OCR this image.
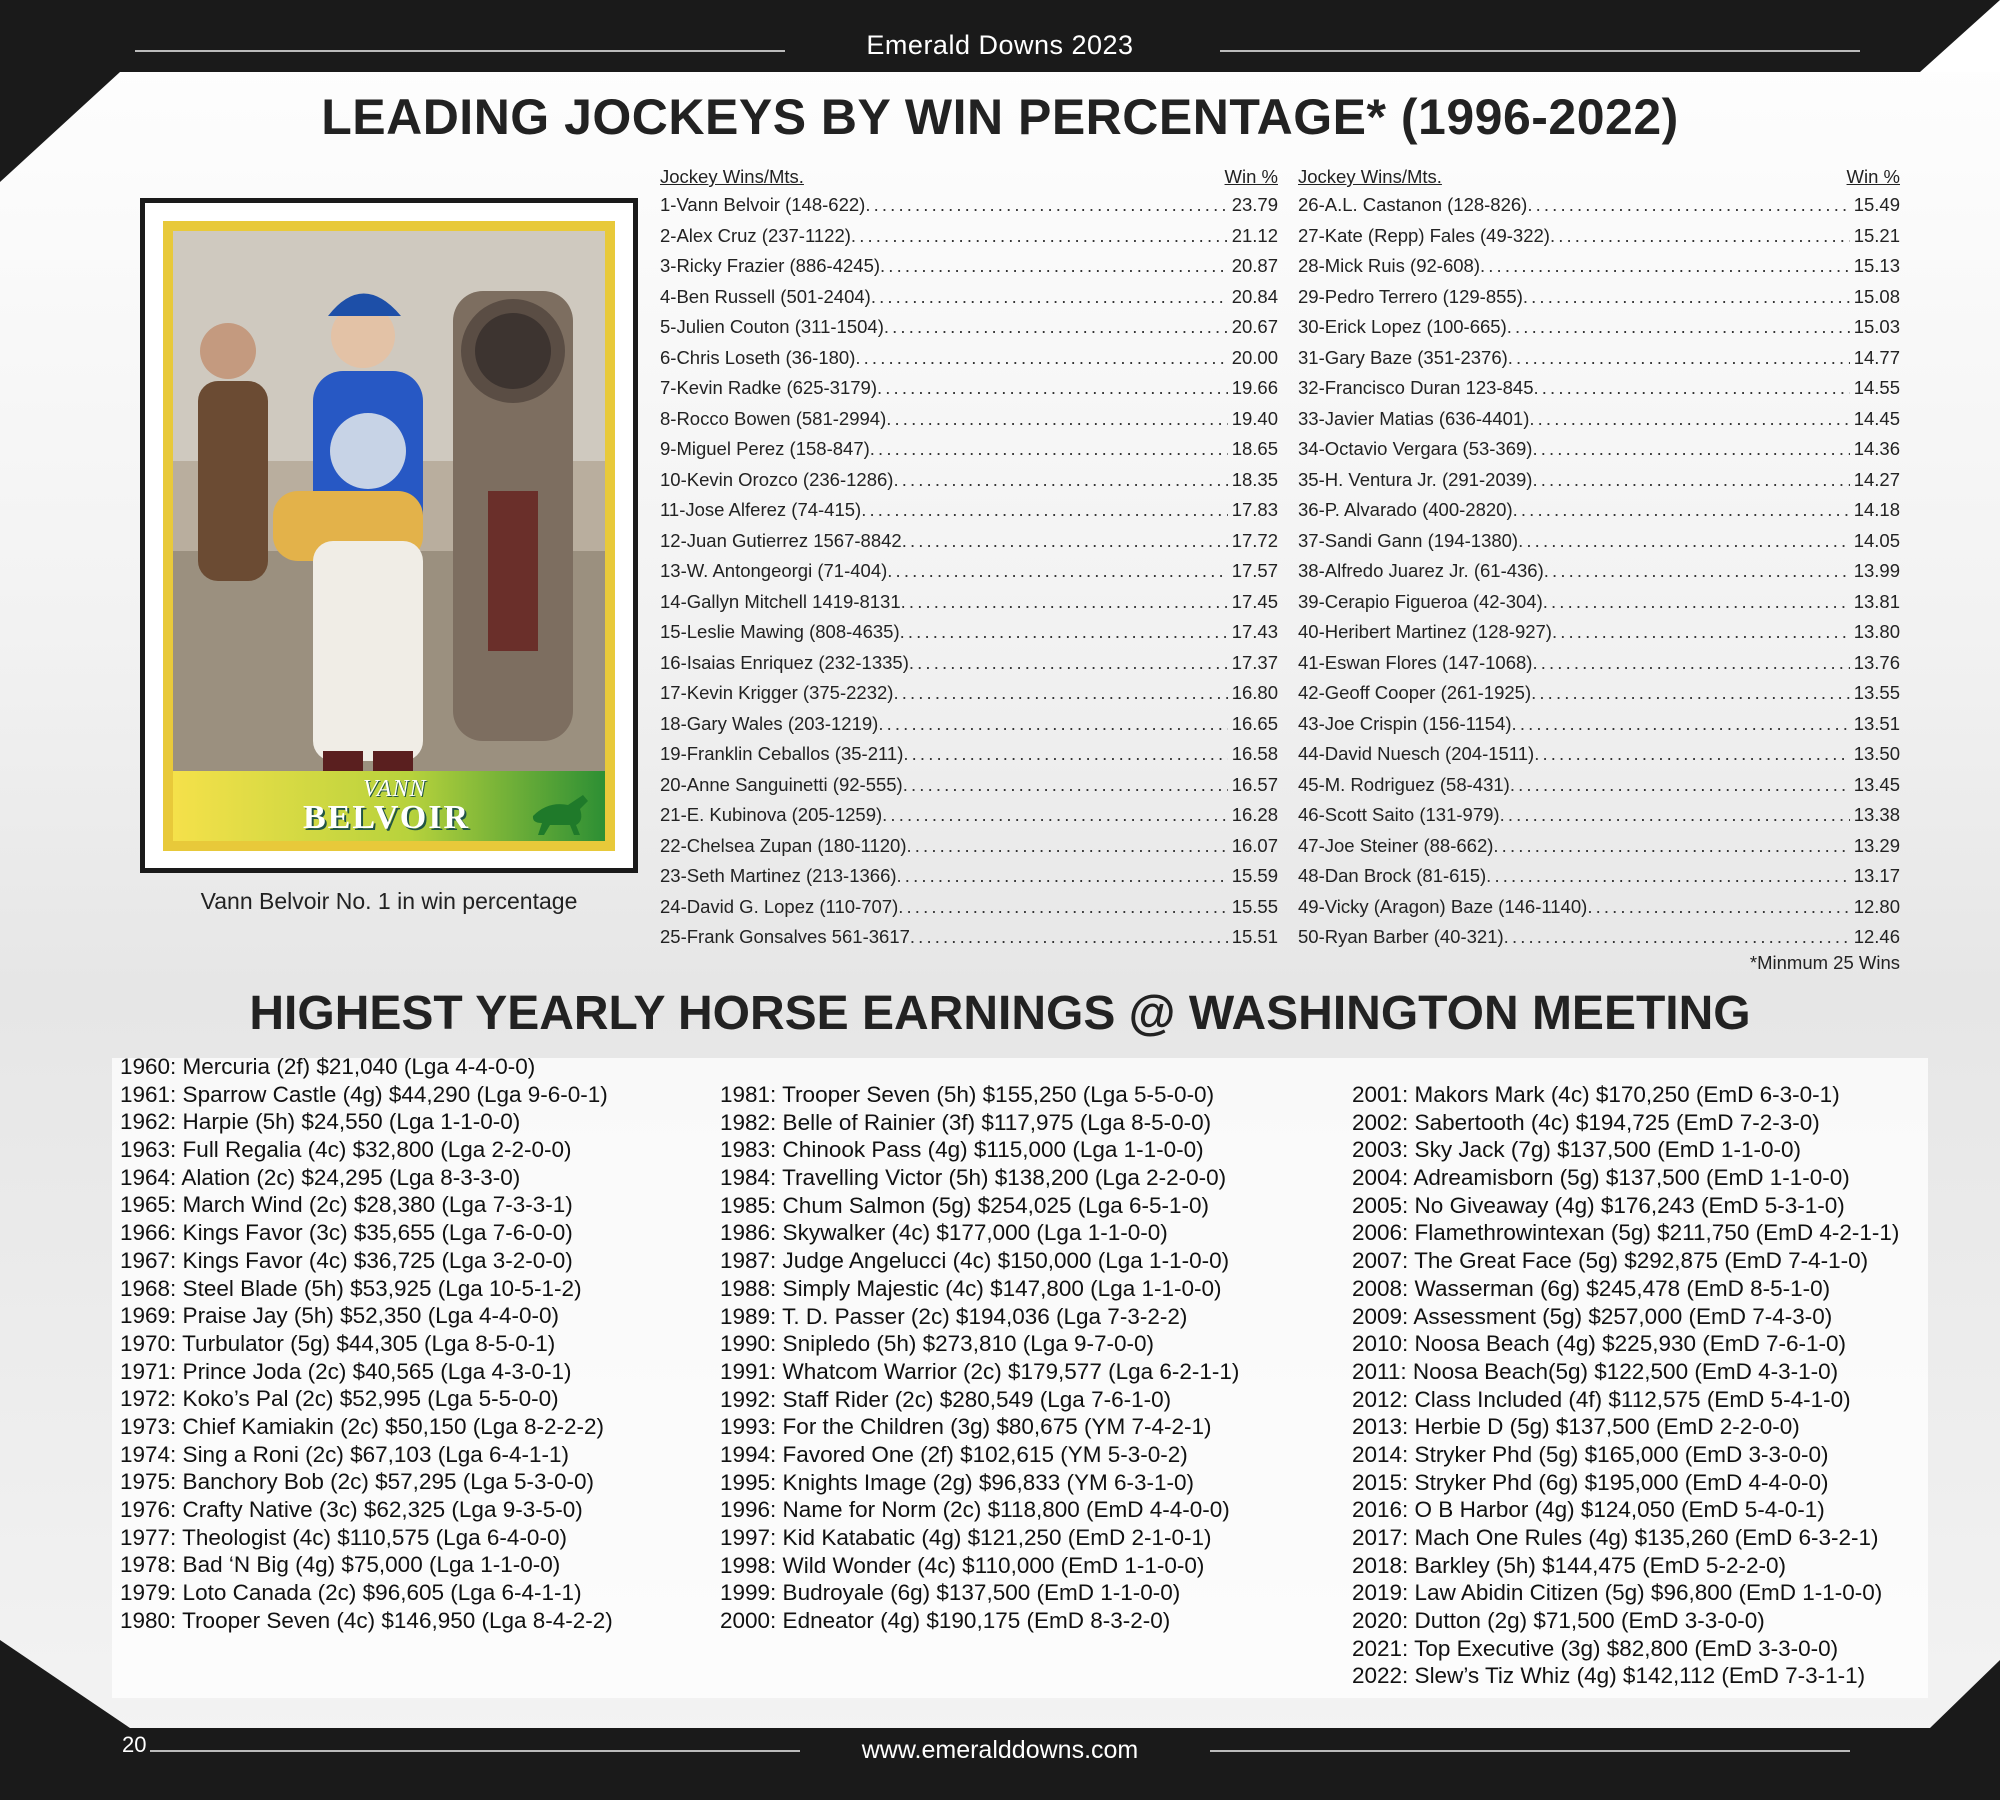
Emerald Downs 2023
LEADING JOCKEYS BY WIN PERCENTAGE* (1996-2022)
VANN
BELVOIR
Vann Belvoir No. 1 in win percentage
Jockey Wins/Mts.	Win %
1-Vann Belvoir (148-622) . . .	23.79
2-Alex Cruz (237-1122) . . .	21.12
3-Ricky Frazier (886-4245) . . .	20.87
4-Ben Russell (501-2404) . . .	20.84
5-Julien Couton (311-1504) . . .	20.67
6-Chris Loseth (36-180) . . .	20.00
7-Kevin Radke (625-3179) . . .	19.66
8-Rocco Bowen (581-2994) . . .	19.40
9-Miguel Perez (158-847) . . .	18.65
10-Kevin Orozco (236-1286) . . .	18.35
11-Jose Alferez (74-415) . . .	17.83
12-Juan Gutierrez 1567-8842 . . .	17.72
13-W. Antongeorgi (71-404) . . .	17.57
14-Gallyn Mitchell 1419-8131 . . .	17.45
15-Leslie Mawing (808-4635) . . .	17.43
16-Isaias Enriquez (232-1335) . . .	17.37
17-Kevin Krigger (375-2232) . . .	16.80
18-Gary Wales (203-1219) . . .	16.65
19-Franklin Ceballos (35-211) . . .	16.58
20-Anne Sanguinetti (92-555) . . .	16.57
21-E. Kubinova (205-1259) . . .	16.28
22-Chelsea Zupan (180-1120) . . .	16.07
23-Seth Martinez (213-1366) . . .	15.59
24-David G. Lopez (110-707) . . .	15.55
25-Frank Gonsalves 561-3617 . . .	15.51
Jockey Wins/Mts.	Win %
26-A.L. Castanon (128-826) . . .	15.49
27-Kate (Repp) Fales (49-322) . . .	15.21
28-Mick Ruis (92-608) . . .	15.13
29-Pedro Terrero (129-855) . . .	15.08
30-Erick Lopez (100-665) . . .	15.03
31-Gary Baze (351-2376) . . .	14.77
32-Francisco Duran 123-845 . . .	14.55
33-Javier Matias (636-4401) . . .	14.45
34-Octavio Vergara (53-369) . . .	14.36
35-H. Ventura Jr. (291-2039) . . .	14.27
36-P. Alvarado (400-2820) . . .	14.18
37-Sandi Gann (194-1380) . . .	14.05
38-Alfredo Juarez Jr. (61-436) . . .	13.99
39-Cerapio Figueroa (42-304) . . .	13.81
40-Heribert Martinez (128-927) . . .	13.80
41-Eswan Flores (147-1068) . . .	13.76
42-Geoff Cooper (261-1925) . . .	13.55
43-Joe Crispin (156-1154) . . .	13.51
44-David Nuesch (204-1511) . . .	13.50
45-M. Rodriguez (58-431) . . .	13.45
46-Scott Saito (131-979) . . .	13.38
47-Joe Steiner (88-662) . . .	13.29
48-Dan Brock (81-615) . . .	13.17
49-Vicky (Aragon) Baze (146-1140) . . .	12.80
50-Ryan Barber (40-321) . . .	12.46
*Minmum 25 Wins
HIGHEST YEARLY HORSE EARNINGS @ WASHINGTON MEETING
1960: Mercuria (2f) $21,040 (Lga 4-4-0-0)
1961: Sparrow Castle (4g) $44,290 (Lga 9-6-0-1)
1962: Harpie (5h) $24,550 (Lga 1-1-0-0)
1963: Full Regalia (4c) $32,800 (Lga 2-2-0-0)
1964: Alation (2c) $24,295 (Lga 8-3-3-0)
1965: March Wind (2c) $28,380 (Lga 7-3-3-1)
1966: Kings Favor (3c) $35,655 (Lga 7-6-0-0)
1967: Kings Favor (4c) $36,725 (Lga 3-2-0-0)
1968: Steel Blade (5h) $53,925 (Lga 10-5-1-2)
1969: Praise Jay (5h) $52,350 (Lga 4-4-0-0)
1970: Turbulator (5g) $44,305 (Lga 8-5-0-1)
1971: Prince Joda (2c) $40,565 (Lga 4-3-0-1)
1972: Koko’s Pal (2c) $52,995 (Lga 5-5-0-0)
1973: Chief Kamiakin (2c) $50,150 (Lga 8-2-2-2)
1974: Sing a Roni (2c) $67,103 (Lga 6-4-1-1)
1975: Banchory Bob (2c) $57,295 (Lga 5-3-0-0)
1976: Crafty Native (3c) $62,325 (Lga 9-3-5-0)
1977: Theologist (4c) $110,575 (Lga 6-4-0-0)
1978: Bad ‘N Big (4g) $75,000 (Lga 1-1-0-0)
1979: Loto Canada (2c) $96,605 (Lga 6-4-1-1)
1980: Trooper Seven (4c) $146,950 (Lga 8-4-2-2)
1981: Trooper Seven (5h) $155,250 (Lga 5-5-0-0)
1982: Belle of Rainier (3f) $117,975 (Lga 8-5-0-0)
1983: Chinook Pass (4g) $115,000 (Lga 1-1-0-0)
1984: Travelling Victor (5h) $138,200 (Lga 2-2-0-0)
1985: Chum Salmon (5g) $254,025 (Lga 6-5-1-0)
1986: Skywalker (4c) $177,000 (Lga 1-1-0-0)
1987: Judge Angelucci (4c) $150,000 (Lga 1-1-0-0)
1988: Simply Majestic (4c) $147,800 (Lga 1-1-0-0)
1989: T. D. Passer (2c) $194,036 (Lga 7-3-2-2)
1990: Snipledo (5h) $273,810 (Lga 9-7-0-0)
1991: Whatcom Warrior (2c) $179,577 (Lga 6-2-1-1)
1992: Staff Rider (2c) $280,549 (Lga 7-6-1-0)
1993: For the Children (3g) $80,675 (YM 7-4-2-1)
1994: Favored One (2f) $102,615 (YM 5-3-0-2)
1995: Knights Image (2g) $96,833 (YM 6-3-1-0)
1996: Name for Norm (2c) $118,800 (EmD 4-4-0-0)
1997: Kid Katabatic (4g) $121,250 (EmD 2-1-0-1)
1998: Wild Wonder (4c) $110,000 (EmD 1-1-0-0)
1999: Budroyale (6g) $137,500 (EmD 1-1-0-0)
2000: Edneator (4g) $190,175 (EmD 8-3-2-0)
2001: Makors Mark (4c) $170,250 (EmD 6-3-0-1)
2002: Sabertooth (4c) $194,725 (EmD 7-2-3-0)
2003: Sky Jack (7g) $137,500 (EmD 1-1-0-0)
2004: Adreamisborn (5g) $137,500 (EmD 1-1-0-0)
2005: No Giveaway (4g) $176,243 (EmD 5-3-1-0)
2006: Flamethrowintexan (5g) $211,750 (EmD 4-2-1-1)
2007: The Great Face (5g) $292,875 (EmD 7-4-1-0)
2008: Wasserman (6g) $245,478 (EmD 8-5-1-0)
2009: Assessment (5g) $257,000 (EmD 7-4-3-0)
2010: Noosa Beach (4g) $225,930 (EmD 7-6-1-0)
2011: Noosa Beach(5g) $122,500 (EmD 4-3-1-0)
2012: Class Included (4f) $112,575 (EmD 5-4-1-0)
2013: Herbie D (5g) $137,500 (EmD 2-2-0-0)
2014: Stryker Phd (5g) $165,000 (EmD 3-3-0-0)
2015: Stryker Phd (6g) $195,000 (EmD 4-4-0-0)
2016: O B Harbor (4g) $124,050 (EmD 5-4-0-1)
2017: Mach One Rules (4g) $135,260 (EmD 6-3-2-1)
2018: Barkley (5h) $144,475 (EmD 5-2-2-0)
2019: Law Abidin Citizen (5g) $96,800 (EmD 1-1-0-0)
2020: Dutton (2g) $71,500 (EmD 3-3-0-0)
2021: Top Executive (3g) $82,800 (EmD 3-3-0-0)
2022: Slew’s Tiz Whiz (4g) $142,112 (EmD 7-3-1-1)
20	www.emeralddowns.com
